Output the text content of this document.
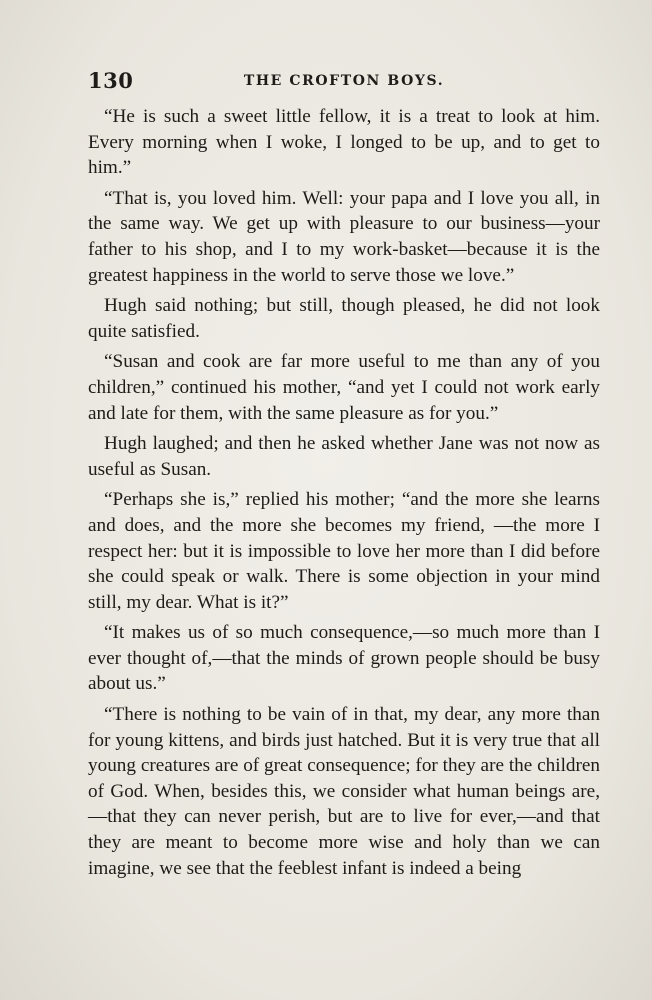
130	THE CROFTON BOYS.

“He is such a sweet little fellow, it is a treat to look at him. Every morning when I woke, I longed to be up, and to get to him.”

“That is, you loved him. Well: your papa and I love you all, in the same way. We get up with pleasure to our business—your father to his shop, and I to my work-basket—because it is the greatest happiness in the world to serve those we love.”

Hugh said nothing; but still, though pleased, he did not look quite satisfied.

“Susan and cook are far more useful to me than any of you children,” continued his mother, “and yet I could not work early and late for them, with the same pleasure as for you.”

Hugh laughed; and then he asked whether Jane was not now as useful as Susan.

“Perhaps she is,” replied his mother; “and the more she learns and does, and the more she becomes my friend, —the more I respect her: but it is impossible to love her more than I did before she could speak or walk. There is some objection in your mind still, my dear. What is it?”

“It makes us of so much consequence,—so much more than I ever thought of,—that the minds of grown people should be busy about us.”

“There is nothing to be vain of in that, my dear, any more than for young kittens, and birds just hatched. But it is very true that all young creatures are of great consequence; for they are the children of God. When, besides this, we consider what human beings are,—that they can never perish, but are to live for ever,—and that they are meant to become more wise and holy than we can imagine, we see that the feeblest infant is indeed a being
